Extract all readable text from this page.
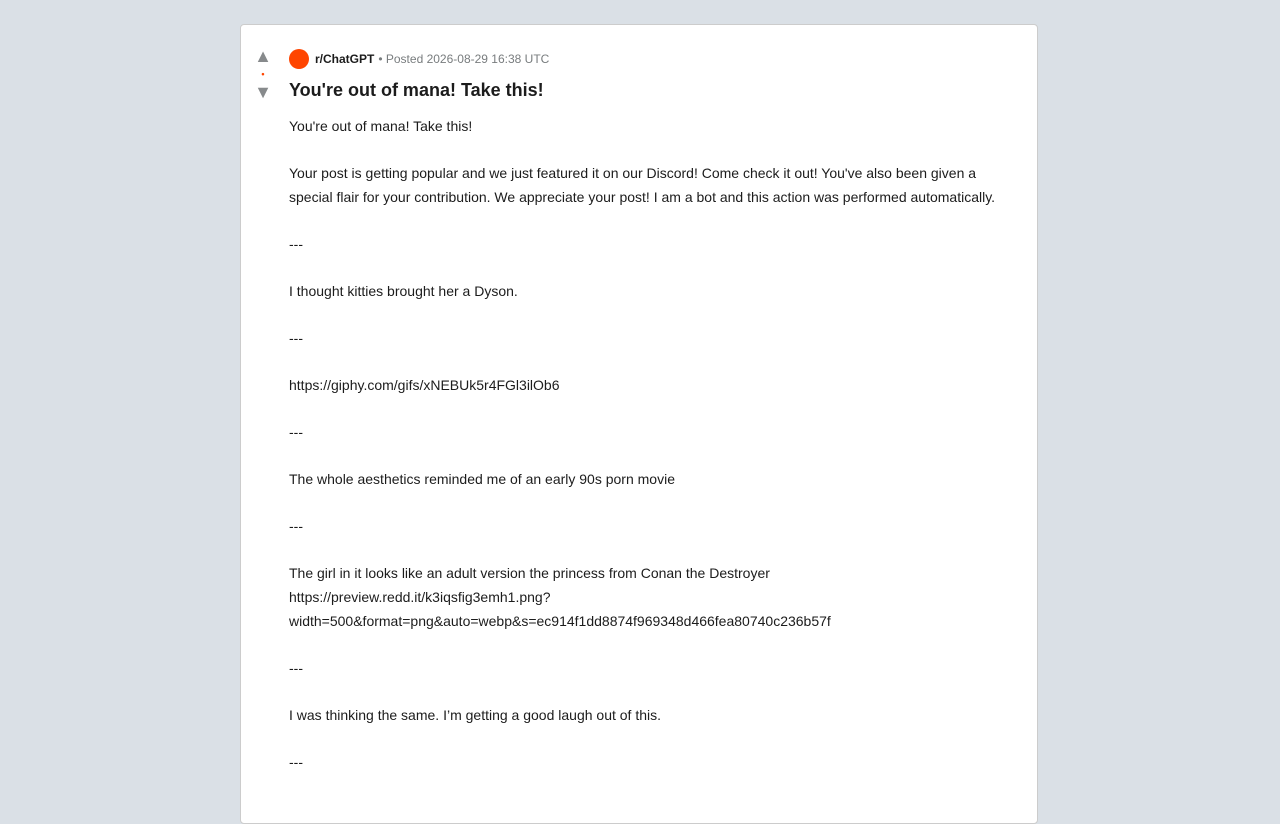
▲
•
▼
r/ChatGPT • Posted 2026-08-29 16:38 UTC
You're out of mana! Take this!

You're out of mana! Take this!

Your post is getting popular and we just featured it on our Discord! Come check it out! You've also been given a special flair for your contribution. We appreciate your post! I am a bot and this action was performed automatically.

---

I thought kitties brought her a Dyson.

---

https://giphy.com/gifs/xNEBUk5r4FGl3ilOb6

---

The whole aesthetics reminded me of an early 90s porn movie

---

The girl in it looks like an adult version the princess from Conan the Destroyer https://preview.redd.it/k3iqsfig3emh1.png?
width=500&format=png&auto=webp&s=ec914f1dd8874f969348d466fea80740c236b57f

---

I was thinking the same. I’m getting a good laugh out of this.

---
